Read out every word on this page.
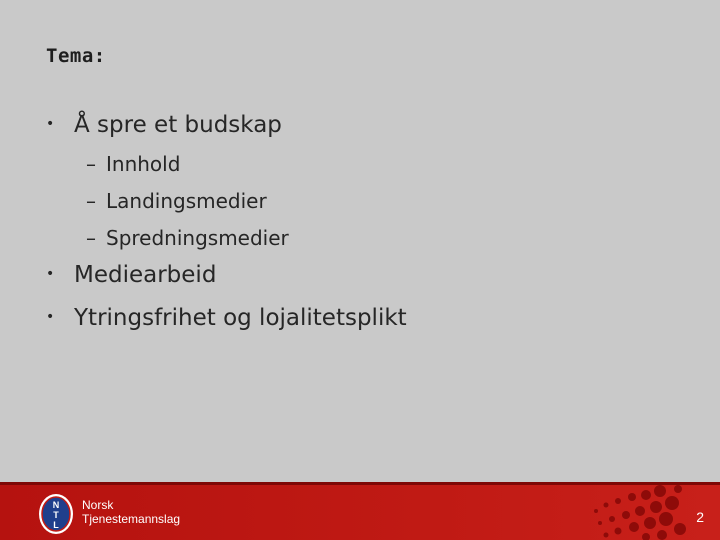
Tema:
• Å spre et budskap
– Innhold
– Landingsmedier
– Spredningsmedier
• Mediearbeid
• Ytringsfrihet og lojalitetsplikt
N
T
L
Norsk
Tjenestemannslag	2
